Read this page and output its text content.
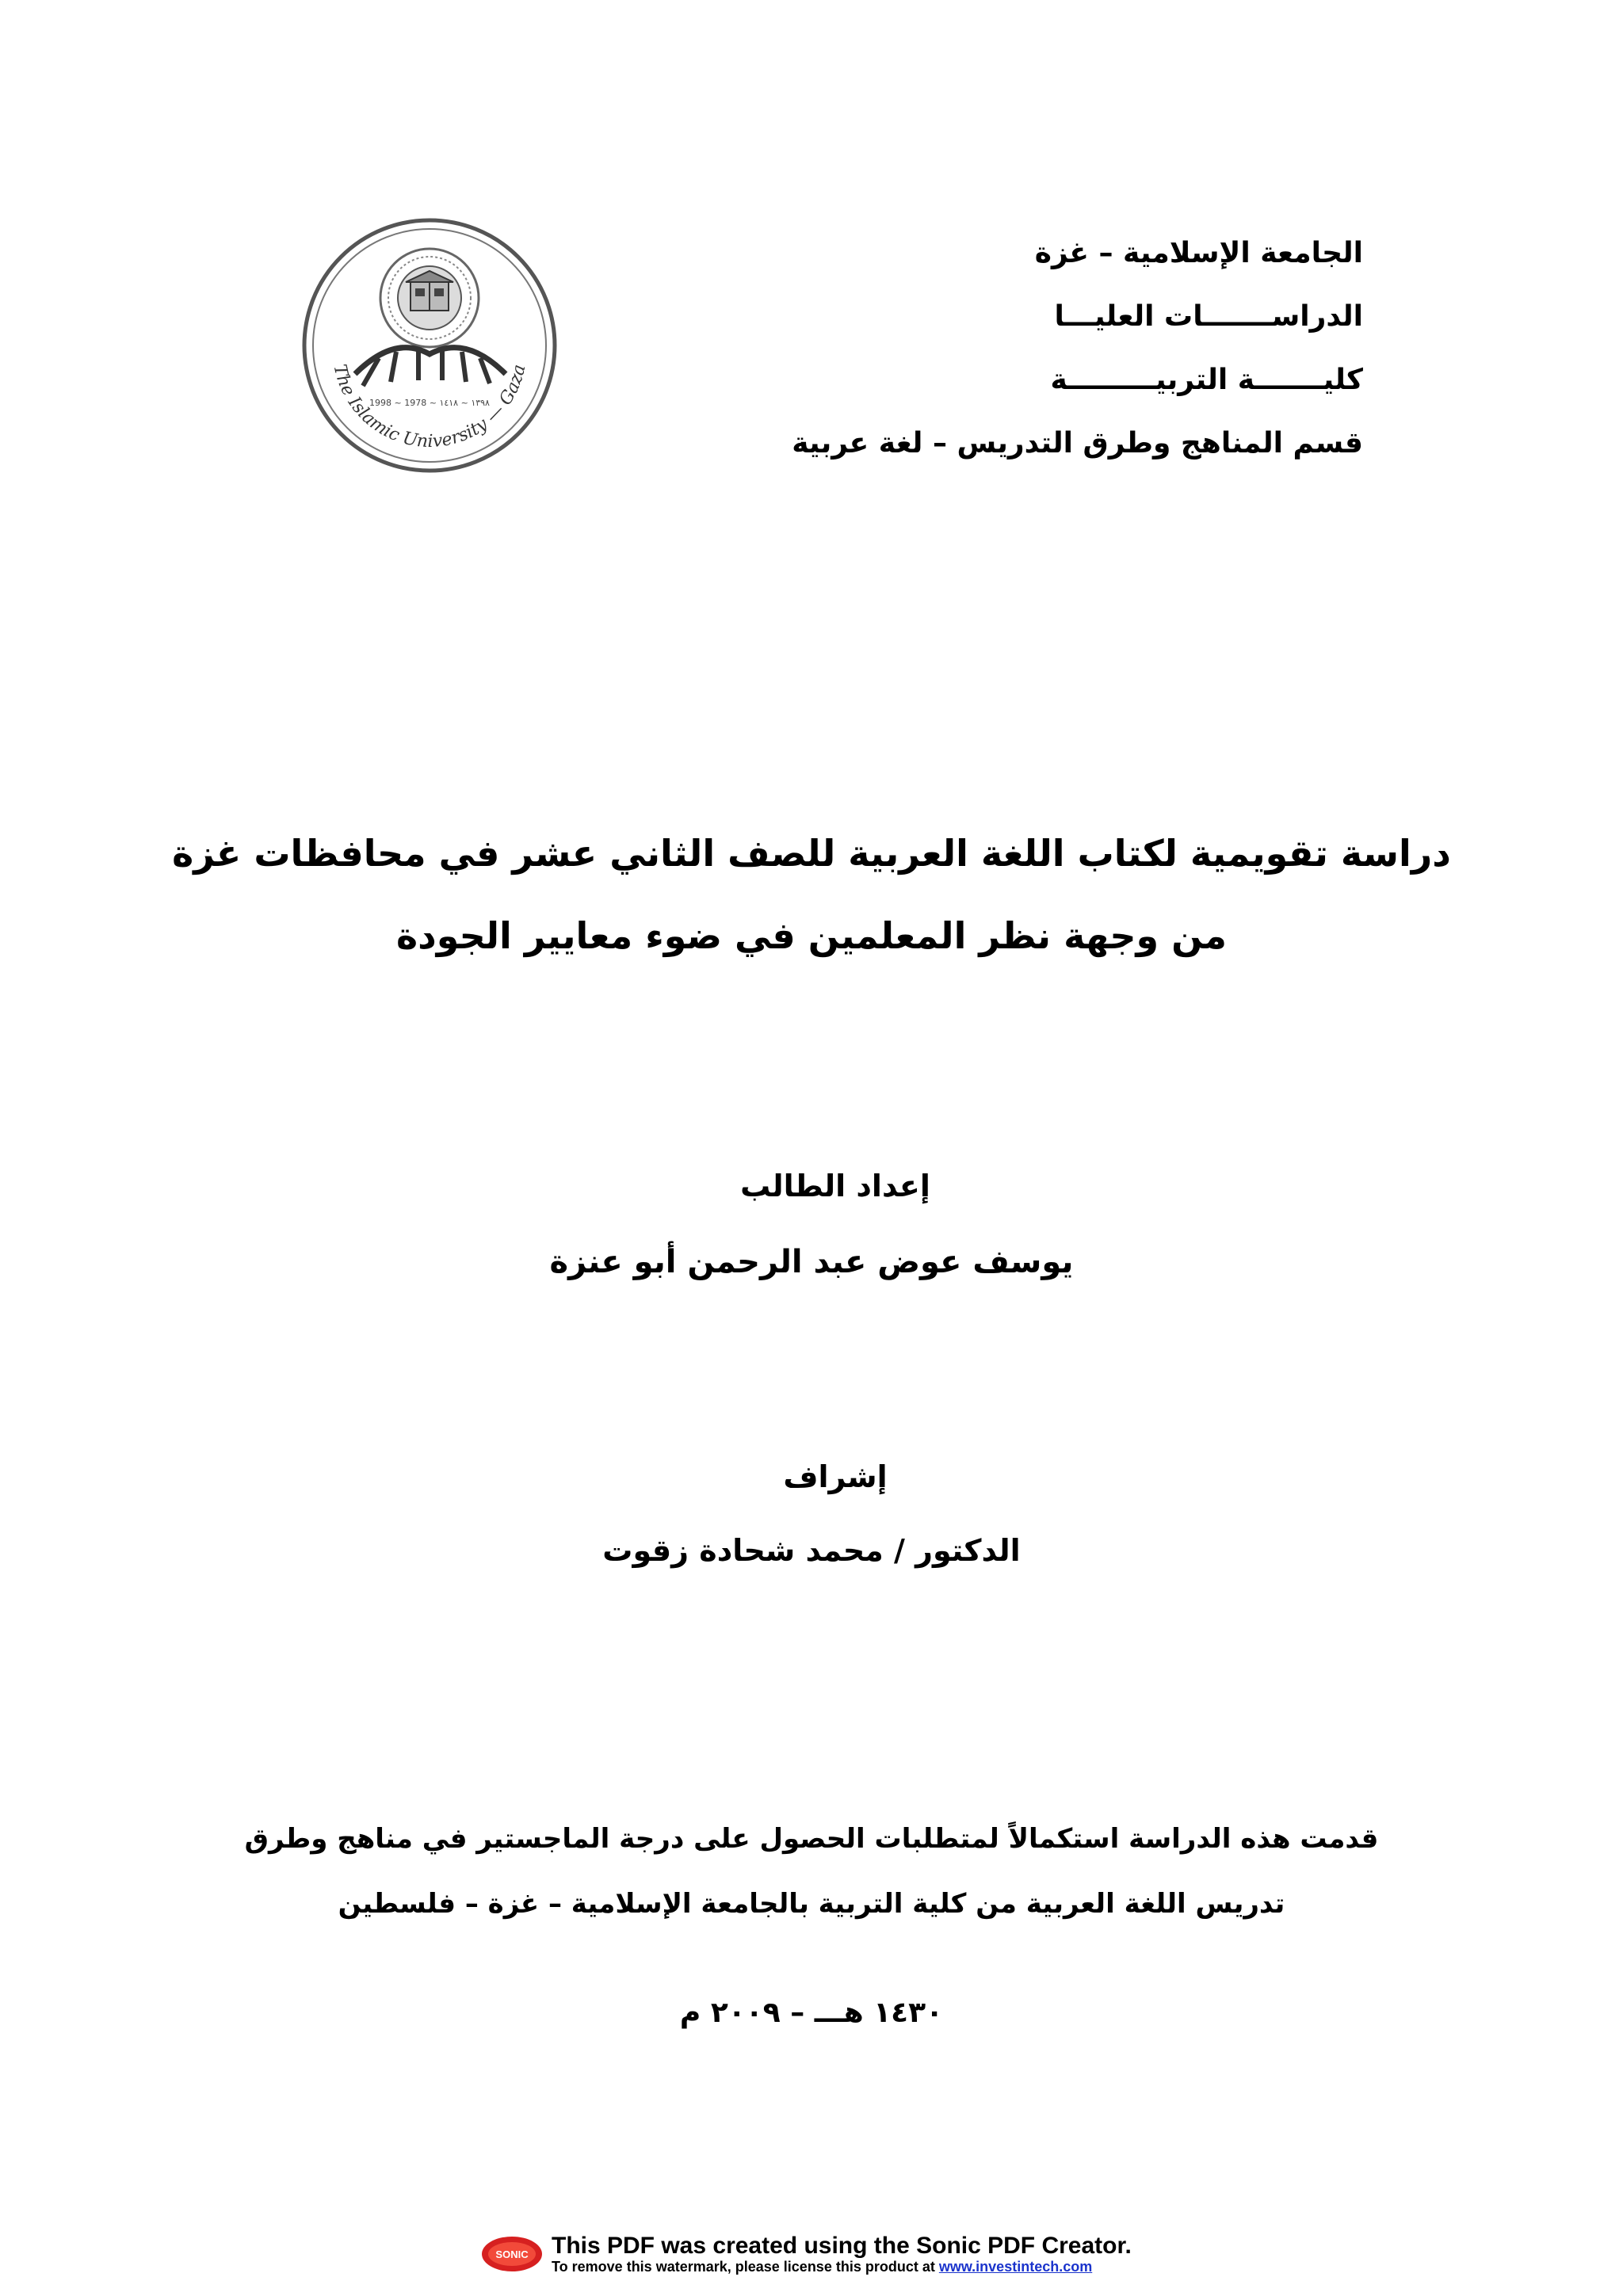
الجامعة الإسلامية – غزة
الدراســـــــات العليـــا
كليـــــــة التربيـــــــــة
قسم المناهج وطرق التدريس – لغة عربية
1998 ~ 1978 ~ ١٣٩٨ ~ ١٤١٨
The Islamic University — Gaza
دراسة تقويمية لكتاب اللغة العربية للصف الثاني عشر في محافظات غزة
من وجهة نظر المعلمين في ضوء معايير الجودة
إعداد الطالب
يوسف عوض عبد الرحمن أبو عنزة
إشراف
الدكتور / محمد شحادة زقوت
قدمت هذه الدراسة استكمالاً لمتطلبات الحصول على درجة الماجستير في مناهج وطرق
تدريس اللغة العربية من كلية التربية بالجامعة الإسلامية – غزة – فلسطين
١٤٣٠ هـــ – ٢٠٠٩ م
SONIC This PDF was created using the Sonic PDF Creator.
To remove this watermark, please license this product at www.investintech.com
